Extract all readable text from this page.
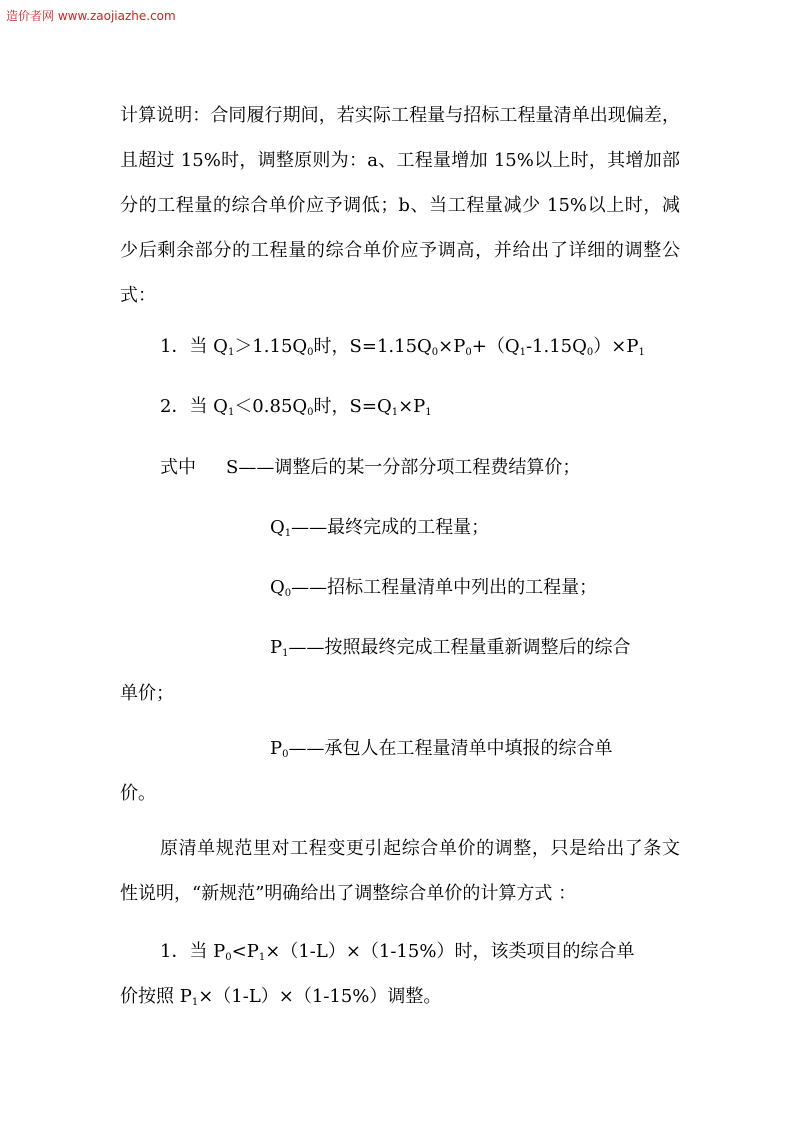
造价者网 www.zaojiazhe.com
计算说明：合同履行期间，若实际工程量与招标工程量清单出现偏差，且超过 15%时，调整原则为：a、工程量增加 15%以上时，其增加部分的工程量的综合单价应予调低；b、当工程量减少 15%以上时，减少后剩余部分的工程量的综合单价应予调高，并给出了详细的调整公式：
1．当 $Q_1>1.15Q_0$时，$S=1.15Q_0\times P_0+(Q_1-1.15Q_0)\times P_1$
2．当 $Q_1<0.85Q_0$时，$S=Q_1\times P_1$
式中 S——调整后的某一分部分项工程费结算价；
$Q_1——$最终完成的工程量；
$Q_0——$招标工程量清单中列出的工程量；
$P_1——$按照最终完成工程量重新调整后的综合
单价；
$P_0——$承包人在工程量清单中填报的综合单
价。
原清单规范里对工程变更引起综合单价的调整，只是给出了条文性说明，“新规范”明确给出了调整综合单价的计算方式 ：
1．当 $P_0<P_1\times(1-L)\times(1-15\%)$时，该类项目的综合单
价按照 $P_1\times(1-L)\times(1-15\%)$调整。
